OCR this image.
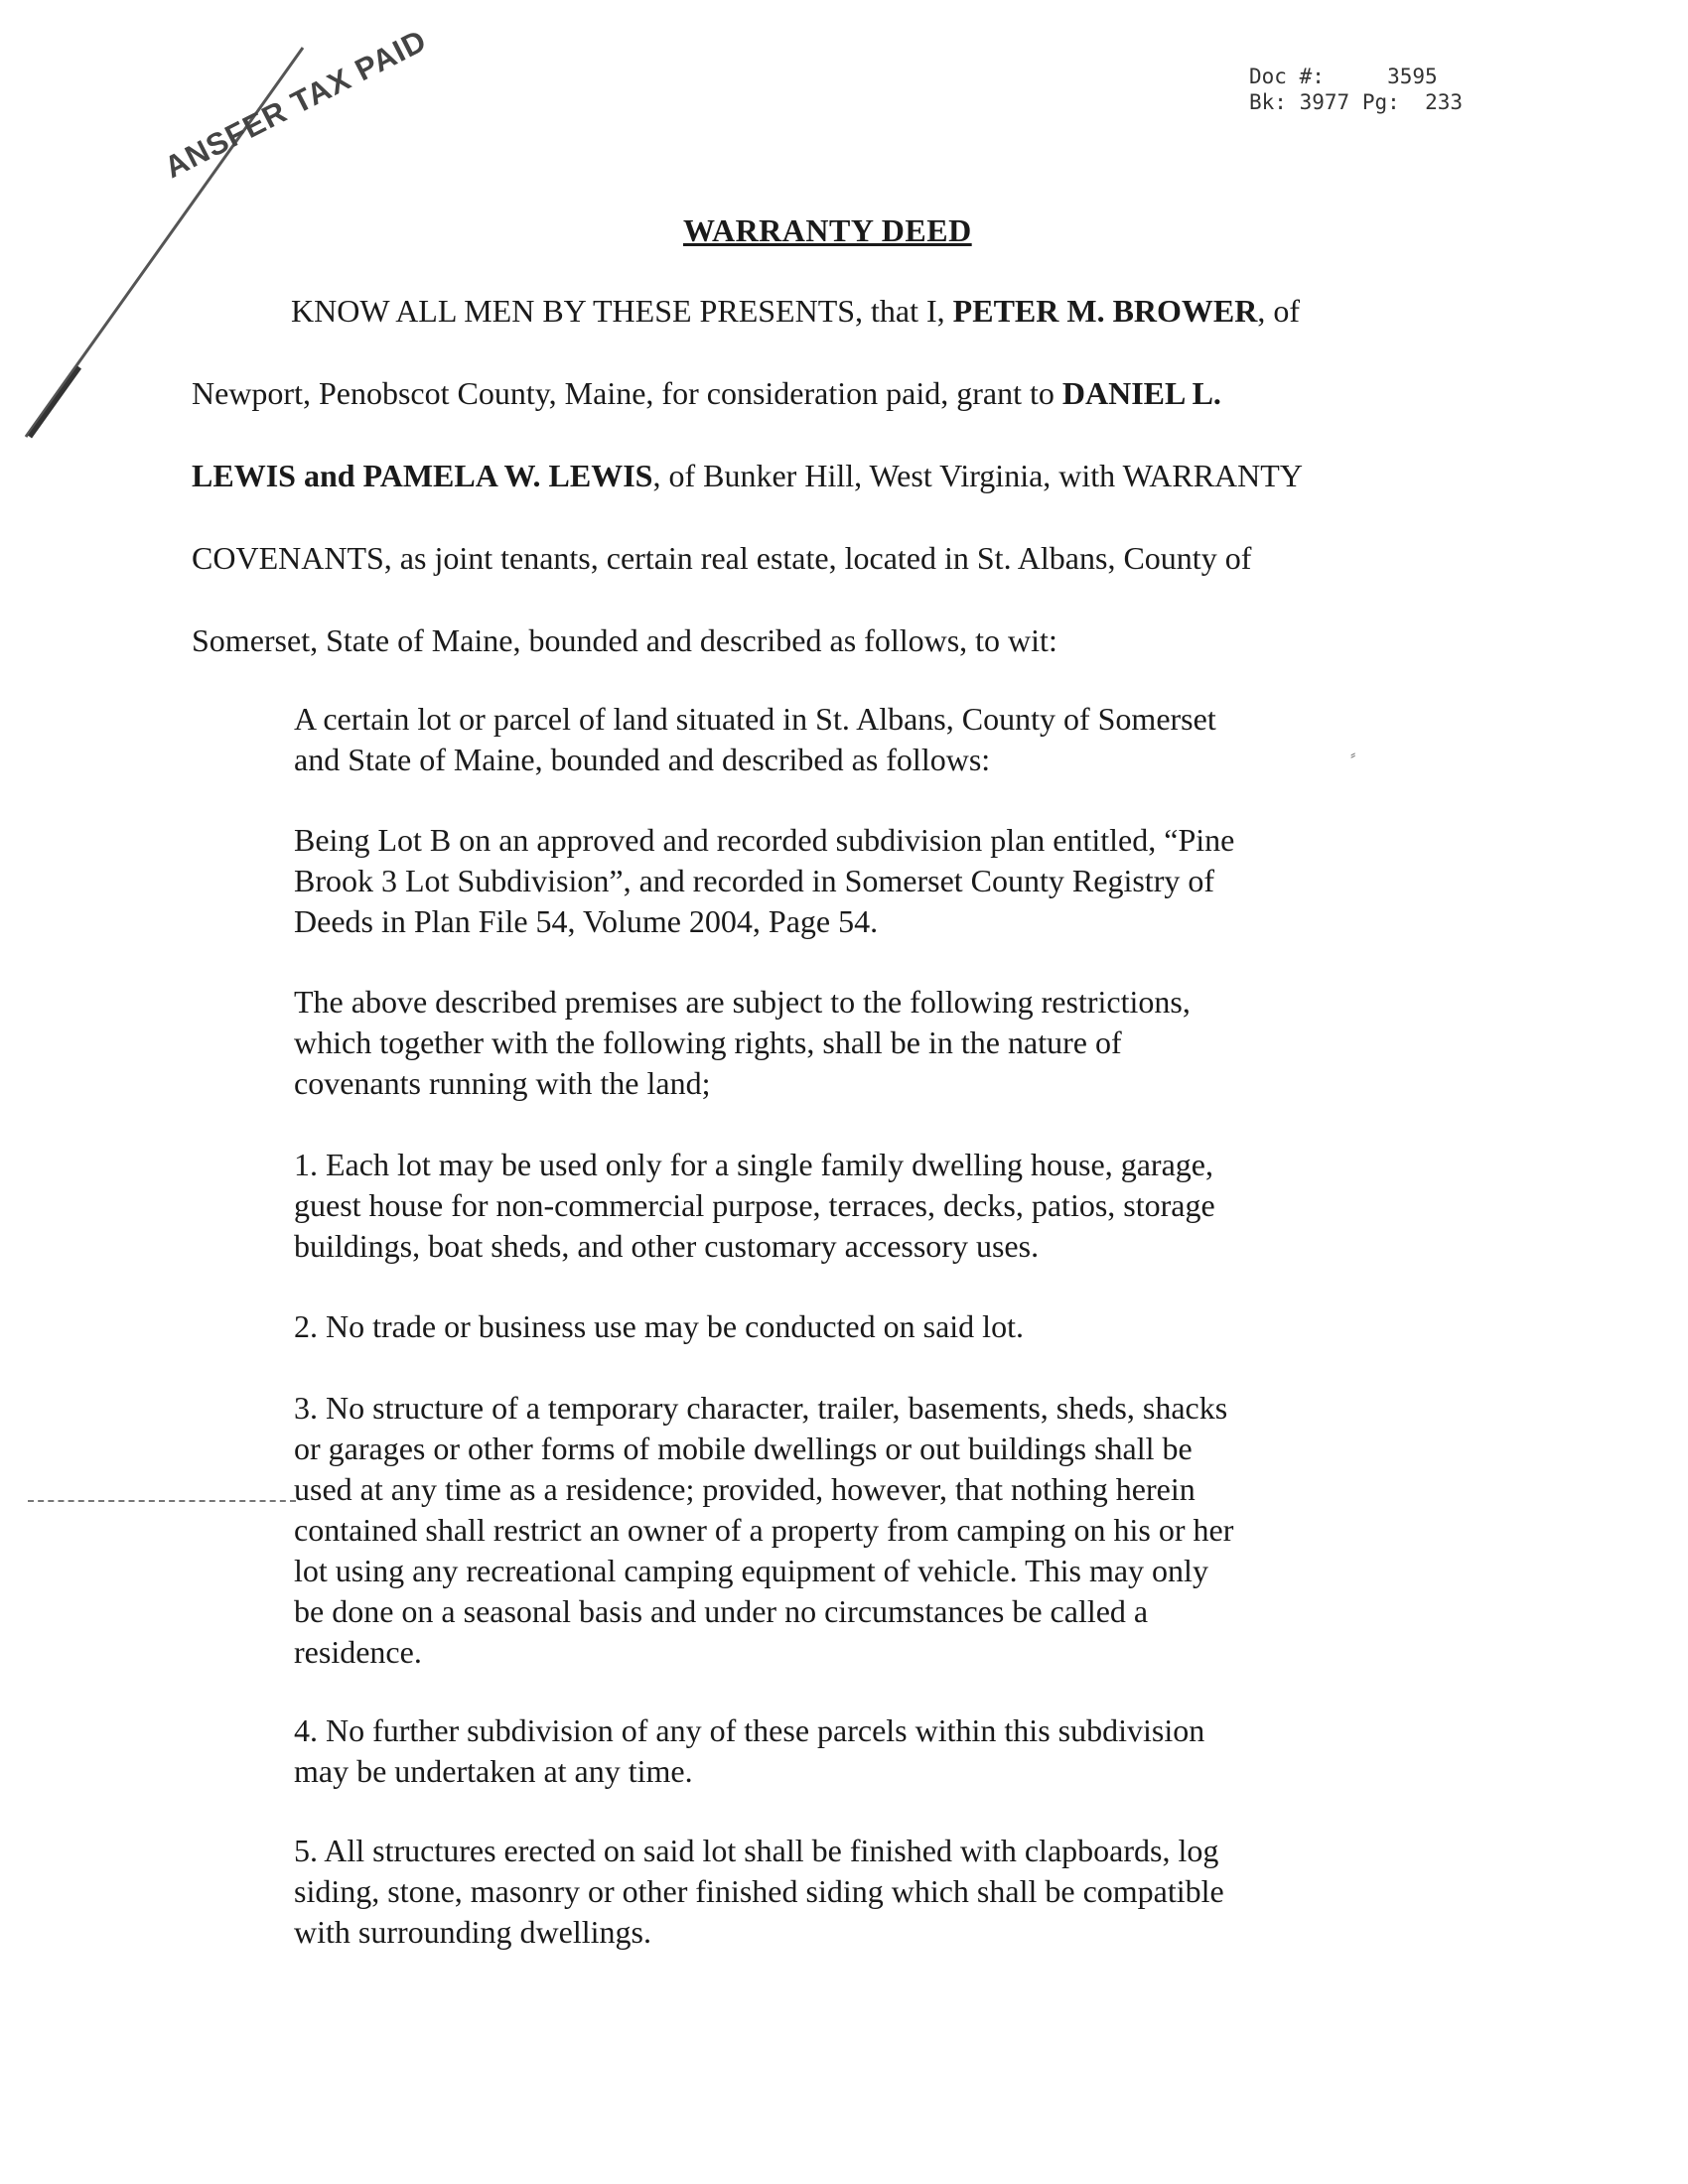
ANSFER TAX PAID	Doc #:	3595
Bk: 3977 Pg: 233
WARRANTY DEED
KNOW ALL MEN BY THESE PRESENTS, that I, PETER M. BROWER, of
Newport, Penobscot County, Maine, for consideration paid, grant to DANIEL L.
LEWIS and PAMELA W. LEWIS, of Bunker Hill, West Virginia, with WARRANTY
COVENANTS, as joint tenants, certain real estate, located in St. Albans, County of
Somerset, State of Maine, bounded and described as follows, to wit:
A certain lot or parcel of land situated in St. Albans, County of Somerset
and State of Maine, bounded and described as follows:
Being Lot B on an approved and recorded subdivision plan entitled, “Pine
Brook 3 Lot Subdivision”, and recorded in Somerset County Registry of
Deeds in Plan File 54, Volume 2004, Page 54.
The above described premises are subject to the following restrictions,
which together with the following rights, shall be in the nature of
covenants running with the land;
1. Each lot may be used only for a single family dwelling house, garage,
guest house for non-commercial purpose, terraces, decks, patios, storage
buildings, boat sheds, and other customary accessory uses.
2. No trade or business use may be conducted on said lot.
3. No structure of a temporary character, trailer, basements, sheds, shacks
or garages or other forms of mobile dwellings or out buildings shall be
used at any time as a residence; provided, however, that nothing herein
contained shall restrict an owner of a property from camping on his or her
lot using any recreational camping equipment of vehicle. This may only
be done on a seasonal basis and under no circumstances be called a
residence.
4. No further subdivision of any of these parcels within this subdivision
may be undertaken at any time.
5. All structures erected on said lot shall be finished with clapboards, log
siding, stone, masonry or other finished siding which shall be compatible
with surrounding dwellings.
⸗
